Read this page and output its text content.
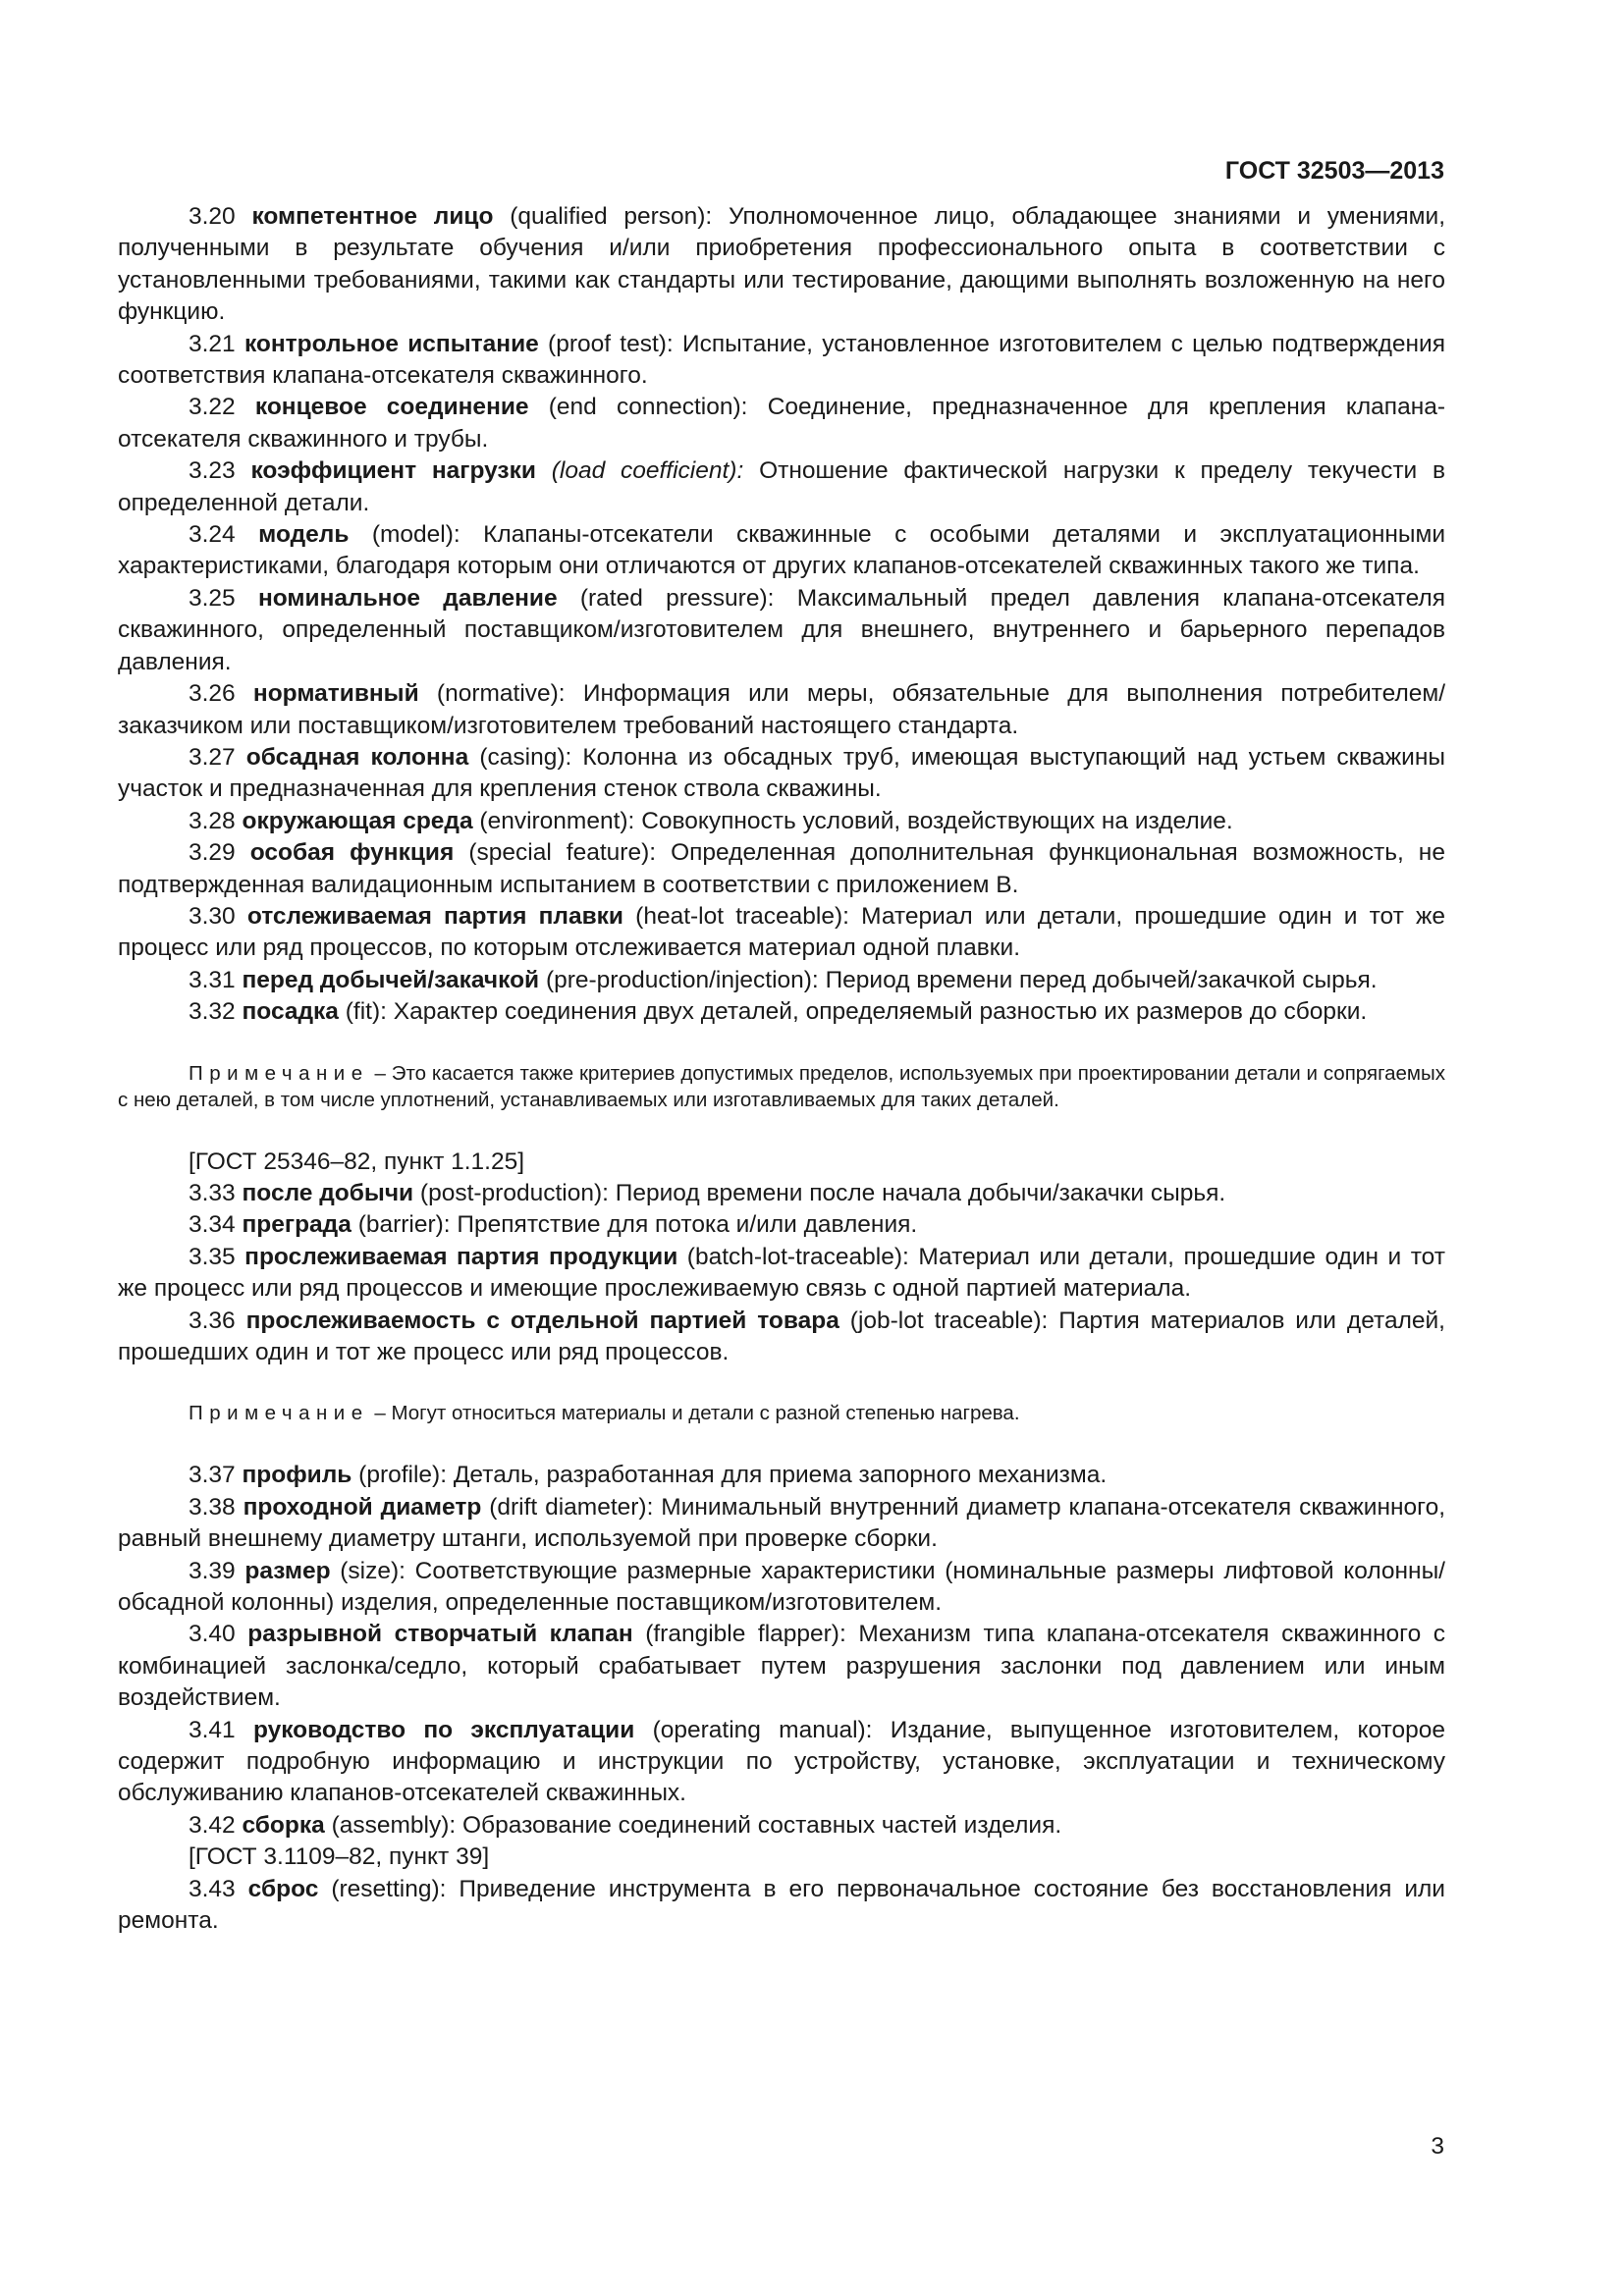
ГОСТ 32503—2013

3.20 компетентное лицо (qualified person): Уполномоченное лицо, обладающее знаниями и умениями, полученными в результате обучения и/или приобретения профессионального опыта в соответствии с установленными требованиями, такими как стандарты или тестирование, дающими выполнять возложенную на него функцию.

3.21 контрольное испытание (proof test): Испытание, установленное изготовителем с целью подтверждения соответствия клапана-отсекателя скважинного.

3.22 концевое соединение (end connection): Соединение, предназначенное для крепления клапана-отсекателя скважинного и трубы.

3.23 коэффициент нагрузки (load coefficient): Отношение фактической нагрузки к пределу текучести в определенной детали.

3.24 модель (model): Клапаны-отсекатели скважинные с особыми деталями и эксплуатационными характеристиками, благодаря которым они отличаются от других клапанов-отсекателей скважинных такого же типа.

3.25 номинальное давление (rated pressure): Максимальный предел давления клапана-отсекателя скважинного, определенный поставщиком/изготовителем для внешнего, внутреннего и барьерного перепадов давления.

3.26 нормативный (normative): Информация или меры, обязательные для выполнения потребителем/заказчиком или поставщиком/изготовителем требований настоящего стандарта.

3.27 обсадная колонна (casing): Колонна из обсадных труб, имеющая выступающий над устьем скважины участок и предназначенная для крепления стенок ствола скважины.

3.28 окружающая среда (environment): Совокупность условий, воздействующих на изделие.

3.29 особая функция (special feature): Определенная дополнительная функциональная возможность, не подтвержденная валидационным испытанием в соответствии с приложением В.

3.30 отслеживаемая партия плавки (heat-lot traceable): Материал или детали, прошедшие один и тот же процесс или ряд процессов, по которым отслеживается материал одной плавки.

3.31 перед добычей/закачкой (pre-production/injection): Период времени перед добычей/закачкой сырья.

3.32 посадка (fit): Характер соединения двух деталей, определяемый разностью их размеров до сборки.

Примечание – Это касается также критериев допустимых пределов, используемых при проектировании детали и сопрягаемых с нею деталей, в том числе уплотнений, устанавливаемых или изготавливаемых для таких деталей.

[ГОСТ 25346–82, пункт 1.1.25]

3.33 после добычи (post-production): Период времени после начала добычи/закачки сырья.

3.34 преграда (barrier): Препятствие для потока и/или давления.

3.35 прослеживаемая партия продукции (batch-lot-traceable): Материал или детали, прошедшие один и тот же процесс или ряд процессов и имеющие прослеживаемую связь с одной партией материала.

3.36 прослеживаемость с отдельной партией товара (job-lot traceable): Партия материалов или деталей, прошедших один и тот же процесс или ряд процессов.

Примечание – Могут относиться материалы и детали с разной степенью нагрева.

3.37 профиль (profile): Деталь, разработанная для приема запорного механизма.

3.38 проходной диаметр (drift diameter): Минимальный внутренний диаметр клапана-отсекателя скважинного, равный внешнему диаметру штанги, используемой при проверке сборки.

3.39 размер (size): Соответствующие размерные характеристики (номинальные размеры лифтовой колонны/обсадной колонны) изделия, определенные поставщиком/изготовителем.

3.40 разрывной створчатый клапан (frangible flapper): Механизм типа клапана-отсекателя скважинного с комбинацией заслонка/седло, который срабатывает путем разрушения заслонки под давлением или иным воздействием.

3.41 руководство по эксплуатации (operating manual): Издание, выпущенное изготовителем, которое содержит подробную информацию и инструкции по устройству, установке, эксплуатации и техническому обслуживанию клапанов-отсекателей скважинных.

3.42 сборка (assembly): Образование соединений составных частей изделия.

[ГОСТ 3.1109–82, пункт 39]

3.43 сброс (resetting): Приведение инструмента в его первоначальное состояние без восстановления или ремонта.

3
